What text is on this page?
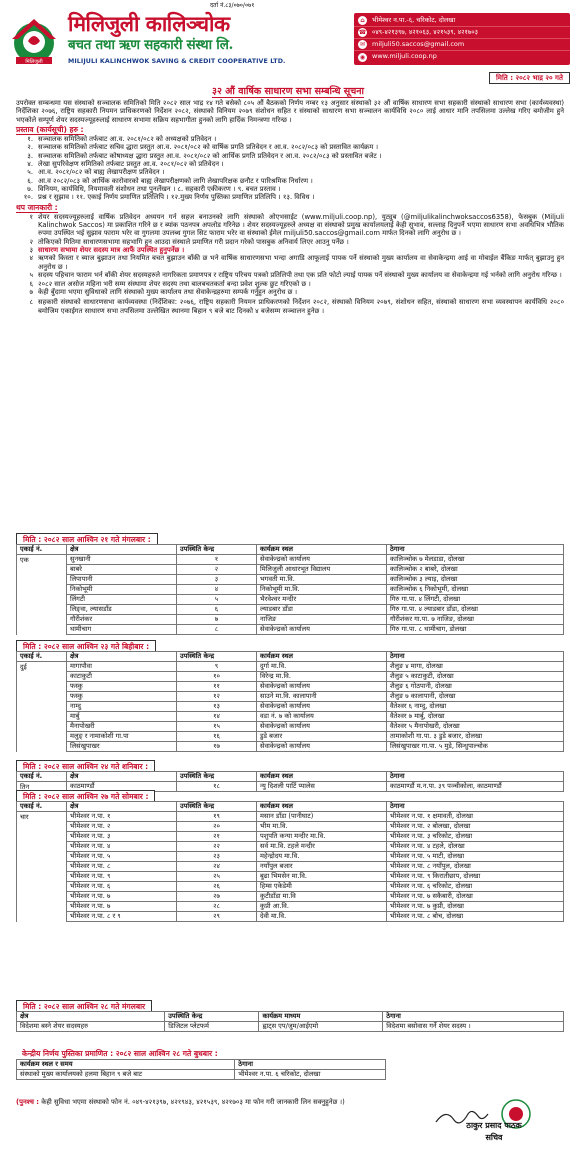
दर्ता नं.८३/०७०/०७१
मिलिजुली
मिलिजुली कालिञ्चोक
बचत तथा ऋण सहकारी संस्था लि.
MILIJULI KALINCHWOK SAVING & CREDIT COOPERATIVE LTD.
⌂	भीमेश्वर न.पा.-६, चरिकोट, दोलखा
☎ ०४९-४२१३९७, ४२१०६३, ४२१५३९, ४२१७०३
✉	miljuli50.saccos@gmail.com
◉ www.miljuli.coop.np
मिति : २०८२ भाद्र २० गते
३२ औं वार्षिक साधारण सभा सम्बन्धि सूचना
उपरोक्त सम्बन्धमा यस संस्थाको सञ्चालक समितिको मिति २०८२ साल भाद्र १४ गते बसेको ८०५ औं बैठकको निर्णय नम्बर १३ अनुसार संस्थाको ३२ औं वार्षिक साधारण सभा सहकारी संस्थाको साधारण सभा (कार्यव्यवस्था) निर्देशिका २०७६, राष्ट्रिय सहकारी नियमन प्राधिकरणको निर्देशन २०८२, संस्थाको विनियम २०७९ संशोधन सहित र संस्थाको साधारण सभा सञ्चालन कार्यविधि २०८० लाई आधार मानि तपसिलमा उल्लेख गरिए बमोजीम हुने भएकोले सम्पूर्ण शेयर सदस्यज्यूहरुलाई साधारण सभामा सक्रिय सहभागीता हुनको लागि हार्दिक निमन्त्रणा गरिन्छ ।
प्रस्ताव (कार्यसूची) हरु :
१. सञ्चालक समितिको तर्फबाट आ.व. २०८१/०८२ को अध्यक्षको प्रतिवेदन ।
२. सञ्चालक समितिको तर्फबाट सचिव द्धारा प्रस्तुत आ.व. २०८१/०८२ को वार्षिक प्रगति प्रतिवेदन र आ.व. २०८२/०८३ को प्रस्तावित कार्यक्रम ।
३. सञ्चालक समितिको तर्फबाट कोषाध्यक्ष द्धारा प्रस्तुत आ.व. २०८१/०८२ को आर्थिक प्रगति प्रतिवेदन र आ.व. २०८२/०८३ को प्रस्तावित बजेट ।
४. लेखा सुपरिवेक्षण समितिको तर्फबाट प्रस्तुत आ.व. २०८१/०८२ को प्रतिवेदन ।
५. आ.व. २०८१/०८२ को बाह्य लेखापरीक्षण प्रतिवेदन ।
६. आ.व २०८२/०८३ को आर्थिक कारोवारको बाह्य लेखापरीक्षणको लागि लेखापरिक्षक छनौट र पारिश्रमिक निर्धारण ।
७. विनियम, कार्यविधि, नियमावली संशोधन तथा पुनर्लेखन । ८. सहकारी एकीकरण । ९. बचत प्रस्ताव ।
१०. प्रश्न र सुझाव । ११. एकाई निर्णय प्रमाणित प्रतिलिपि । १२.मुख्य निर्णय पुस्तिका प्रमाणित प्रतिलिपि । १३. विविध ।
थप जानकारी :
१ शेयर सदस्यज्यूहरुलाई वार्षिक प्रतिवेदन अध्ययन गर्न सहज बनाउनको लागि संस्थाको ओएभसाईट (www.miljuli.coop.np), युट्युब (@miljulikalinchwoksaccos6358), फेसबुक (Miljuli Kalinchwok Saccos) मा प्रकाशित गरिने छ र ब्यांक पठनपत्र अपलोड गरिनेछ । शेयर सदस्यज्यूहरुले अध्यक्ष वा संस्थाको प्रमुख कार्यालयलाई केही सुभाव, सल्लाह दिनुपर्ने भएमा साधारण सभा अवधिभित्र भौतिक रुपमा उपस्थित भई सुझाव फाराम भरेर वा गुगलमा उपलब्ध गुगल सिट फाराम भरेर वा संस्थाको ईमेल miljuli50.saccos@gmail.com मार्फत दिनको लागि अनुरोध छ ।
२ तोकिएको मितिमा साधारणसभामा सहभागि हुन आउदा संस्थाले प्रमाणित गरी प्रदान गरेको पासबुक अनिवार्य लिएर आउनु पर्नेछ ।
३ साधारण सभामा शेयर सदस्य मात्र आफैं उपस्थित हुनुपर्नेछ ।
४ ऋणको किस्ता र ब्याज बुझाउन तथा नियमित बचत बुझाउन बाँकी छ भने वार्षिक साधारणसभा भन्दा अगाडि आफूलाई पायक पर्ने संस्थाको मुख्य कार्यालय वा सेवाकेन्द्रमा आई वा मोबाईल बैंकिङ मार्फत् बुझाउनु हुन अनुरोध छ ।
५ सदस्य पहिचान फाराम भर्न बाँकी शेयर सदस्यहरुले नागरिकता प्रमाणपत्र र राष्ट्रिय परिचय पत्रको प्रतिलिपी तथा एक प्रति फोटो ल्याई पायक पर्ने संस्थाको मुख्य कार्यालय वा सेवाकेन्द्रमा गई भर्नको लागि अनुरोध गरिन्छ ।
६ २०८२ साल असोज महिना भरी सम्म संस्थामा शेयर सदस्य तथा बालबचतकर्ता बन्दा प्रवेश शुल्क छुट गरिएको छ ।
७ केही बुँदामा भएमा सुविधाको लागि संस्थाको मुख्य कार्यालय तथा सेवाकेन्द्रहरुमा सम्पर्क गर्नुहुन अनुरोध छ ।
८ सहकारी संस्थाको साधारणसभा कार्यव्यवस्था (निर्देशिका: २०७६, राष्ट्रिय सहकारी नियमन प्राधिकरणको निर्देशन २०८२, संस्थाको विनियम २०७९, संशोधन सहित, संस्थाको साधारण सभा व्यवस्थापन कार्यविधि २०८० बमोजिम एकाईगत साधारण सभा तपसिलमा उल्लेखित स्थानमा बिहान ९ बजे बाट दिनको ४ बजेसम्म सञ्चालन हुनेछ ।
मिति : २०८२ साल आश्विन २१ गते मंगलबार :
एकाई नं.	क्षेत्र	उपस्थिति केन्द्र	कार्यक्रम स्थल	ठेगाना
एक	सुनखानी	१	सेवाकेन्द्रको कार्यालय	कालिञ्चोक ७ मेलडाडा, दोलखा
	बाबरे	२	मिलिजुली आधारभूत विद्यालय	कालिञ्चोक २ बाबरे, दोलखा
	लिपापानी	३	भगवती मा.वि.	कालिञ्चोक ३ ल्याइ, दोलखा
	निकोभूमी	४	निकोभूमी मा.वि.	कालिञ्चोक ६ निकोभूमी, दोलखा
	लिंगटी	५	भैरवेश्वर मन्दीर	गिरु गा.पा. ४ लिंगटी, दोलखा
	लिङ्वा, ल्यासडाँड	६	ल्याडबार डाँडा	गिरु गा.पा. ४ ल्याडबार डाँडा, दोलखा
	गौरीशंकर	७	नाजिङ	गौरीशंकर गा.पा. ७ नाजिङ, दोलखा
	थामीचाग	८	सेवाकेन्द्रको कार्यालय	गिरु गा.पा. ८ थामीचाग, डोलखा
मिति : २०८२ साल आश्विन २३ गते बिहीबार :
एकाई नं.	क्षेत्र	उपस्थिति केन्द्र	कार्यक्रम स्थल	ठेगाना
दुई	मागापौवा	९	दुर्गा मा.वि.	शैलुङ ४ मागा, दोलखा
	काटाकुटी	१०	विरेन्द्र मा.वि.	शैलुङ ५ काटाकुटी, दोलखा
	फस्कु	११	सेवाकेन्द्रको कार्यालय	शैलुङ ६ गोठपानी, दोलखा
	फस्कु	१२	साउने मा.वि. कालापानी	शैलुङ ७ कालापानी, दोलखा
	नाम्दु	१३	सेवाकेन्द्रको कार्यालय	वैतेश्वर ६ नाम्दु, दोलखा
	मार्बु	१४	वडा नं. ७ को कार्यालय	वैतेश्वर ७ मार्बु, दोलखा
	मैनापोखरी	१५	सेवाकेन्द्रको कार्यालय	वैतेश्वर ५ मैनापोखरी, दोलखा
	मलुङ् र नामाकोशी गा.पा	१६	डुडे बजार	तामाकोशी गा.पा. ३ डुडे बजार, दोलखा
	लिसंखुपाखर	१७	सेवाकेन्द्रको कार्यालय	लिसंखुपाखर गा.पा. ५ मुडे, सिन्धुपाल्चोक
मिति : २०८२ साल आश्विन २४ गते शनिबार :
एकाई नं.	क्षेत्र	उपस्थिति केन्द्र	कार्यक्रम स्थल	ठेगाना
तिन	काठमाण्डौं	१८	न्यु दिशली पार्टि प्यालेस	काठमाण्डौं म.न.पा. ३९ पञ्चीकोला, काठमाण्डौं
मिति : २०८२ साल आश्विन २७ गते सोमबार :
एकाई नं.	क्षेत्र	उपस्थिति केन्द्र	कार्यक्रम स्थल	ठेगाना
चार	भीमेश्वर न.पा. १	१९	मसान डाँडा (पानीघाट)	भीमेश्वर न.पा. १ क्षमावती, दोलखा
	भीमेश्वर न.पा. २	२०	भीम मा.वि.	भीमेश्वर न.पा. २ बोलखा, दोलखा
	भीमेश्वर न.पा. ३	२१	पशुपति कन्या मन्दीर मा.वि.	भीमेश्वर न.पा. ३ चरिकोट, दोलखा
	भीमेश्वर न.पा. ४	२२	सर्व मा.वि. टहले मन्दीर	भीमेश्वर न.पा. ४ टहले, दोलखा
	भीमेश्वर न.पा. ५	२३	महेन्द्रोदय मा.वि.	भीमेश्वर न.पा. ५ माटी, दोलखा
	भीमेश्वर न.पा. ८	२४	नयाँपुल बजार	भीमेश्वर न.पा. ८ नयाँपुल, दोलखा
	भीमेश्वर न.पा. ९	२५	बुढा भिमसेन मा.वि.	भीमेश्वर न.पा. ९ किरातीछाप, दोलखा
	भीमेश्वर न.पा. ६	२६	हिम्स एकेडेमी	भीमेश्वर न.पा. ६ चरिकोट, दोलखा
	भीमेश्वर न.पा. ७	२७	कुटीडाँडा मा.वि	भीमेश्वर न.पा. ७ सकैबारी, दोलखा
	भीमेश्वर न.पा. ७	२८	कुप्री आ.वि.	भीमेश्वर न.पा. ७ कुप्री, दोलखा
	भीमेश्वर न.पा. ८ र ९	२९	देवी मा.वि.	भीमेश्वर न.पा. ८ बोच, दोलखा
मिति : २०८२ साल आश्विन २८ गते मंगलबार
क्षेत्र	उपस्थिति केन्द्र	कार्यक्रम माध्यम	ठेगाना
विदेशमा बस्ने शेयर सदस्यहरु	डिजिटल प्लेटफर्म	ह्वाट्स एप/जुम/आईएमो	विदेशमा बसोवास गर्ने शेयर सदस्य ।
केन्द्रीय निर्णय पुस्तिका प्रमाणित : २०८२ साल आश्विन २८ गते बुधबार :
कार्यक्रम स्थल र समय	ठेगाना
संस्थाको मुख्य कार्यालयको हलमा बिहान ९ बजे बाट	भीमेश्वर न.पा. ६ चरिकोट, दोलखा
(पुनश्च : केही सुविधा भएमा संस्थाको फोन नं. ०४९-४२१३९७, ४२१९४३, ४२१५३९, ४२१७०३ मा फोन गरी जानकारी लिन सक्नुहुनेछ ।)
ठाकुर प्रसाद पाठक
सचिव
